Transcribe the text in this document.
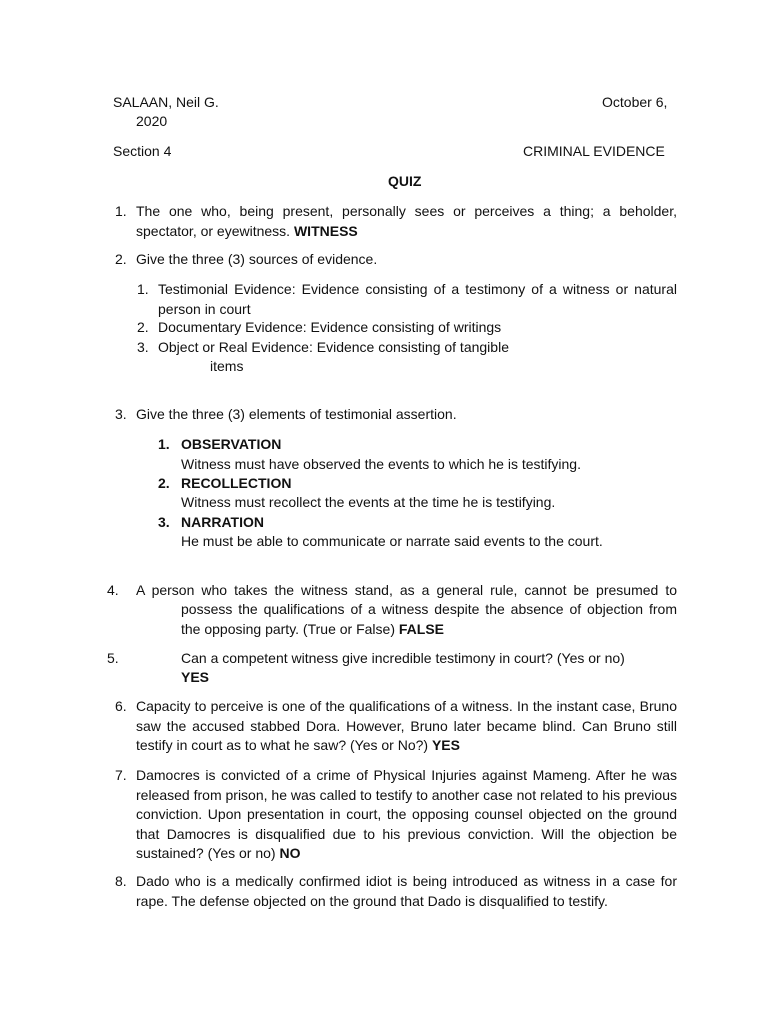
SALAAN, Neil G.	October 6,
2020
Section 4	CRIMINAL EVIDENCE
QUIZ
1. The one who, being present, personally sees or perceives a thing; a beholder, spectator, or eyewitness. WITNESS
2. Give the three (3) sources of evidence.
1. Testimonial Evidence: Evidence consisting of a testimony of a witness or natural person in court
2. Documentary Evidence: Evidence consisting of writings
3. Object or Real Evidence: Evidence consisting of tangible
items
3. Give the three (3) elements of testimonial assertion.
1. OBSERVATION
Witness must have observed the events to which he is testifying.
2. RECOLLECTION
Witness must recollect the events at the time he is testifying.
3. NARRATION
He must be able to communicate or narrate said events to the court.
4. A person who takes the witness stand, as a general rule, cannot be presumed to
possess the qualifications of a witness despite the absence of objection from the opposing party. (True or False) FALSE
5.	Can a competent witness give incredible testimony in court? (Yes or no)
YES
6. Capacity to perceive is one of the qualifications of a witness. In the instant case, Bruno saw the accused stabbed Dora. However, Bruno later became blind. Can Bruno still testify in court as to what he saw? (Yes or No?) YES
7. Damocres is convicted of a crime of Physical Injuries against Mameng. After he was released from prison, he was called to testify to another case not related to his previous conviction. Upon presentation in court, the opposing counsel objected on the ground that Damocres is disqualified due to his previous conviction. Will the objection be sustained? (Yes or no) NO
8. Dado who is a medically confirmed idiot is being introduced as witness in a case for rape. The defense objected on the ground that Dado is disqualified to testify.
